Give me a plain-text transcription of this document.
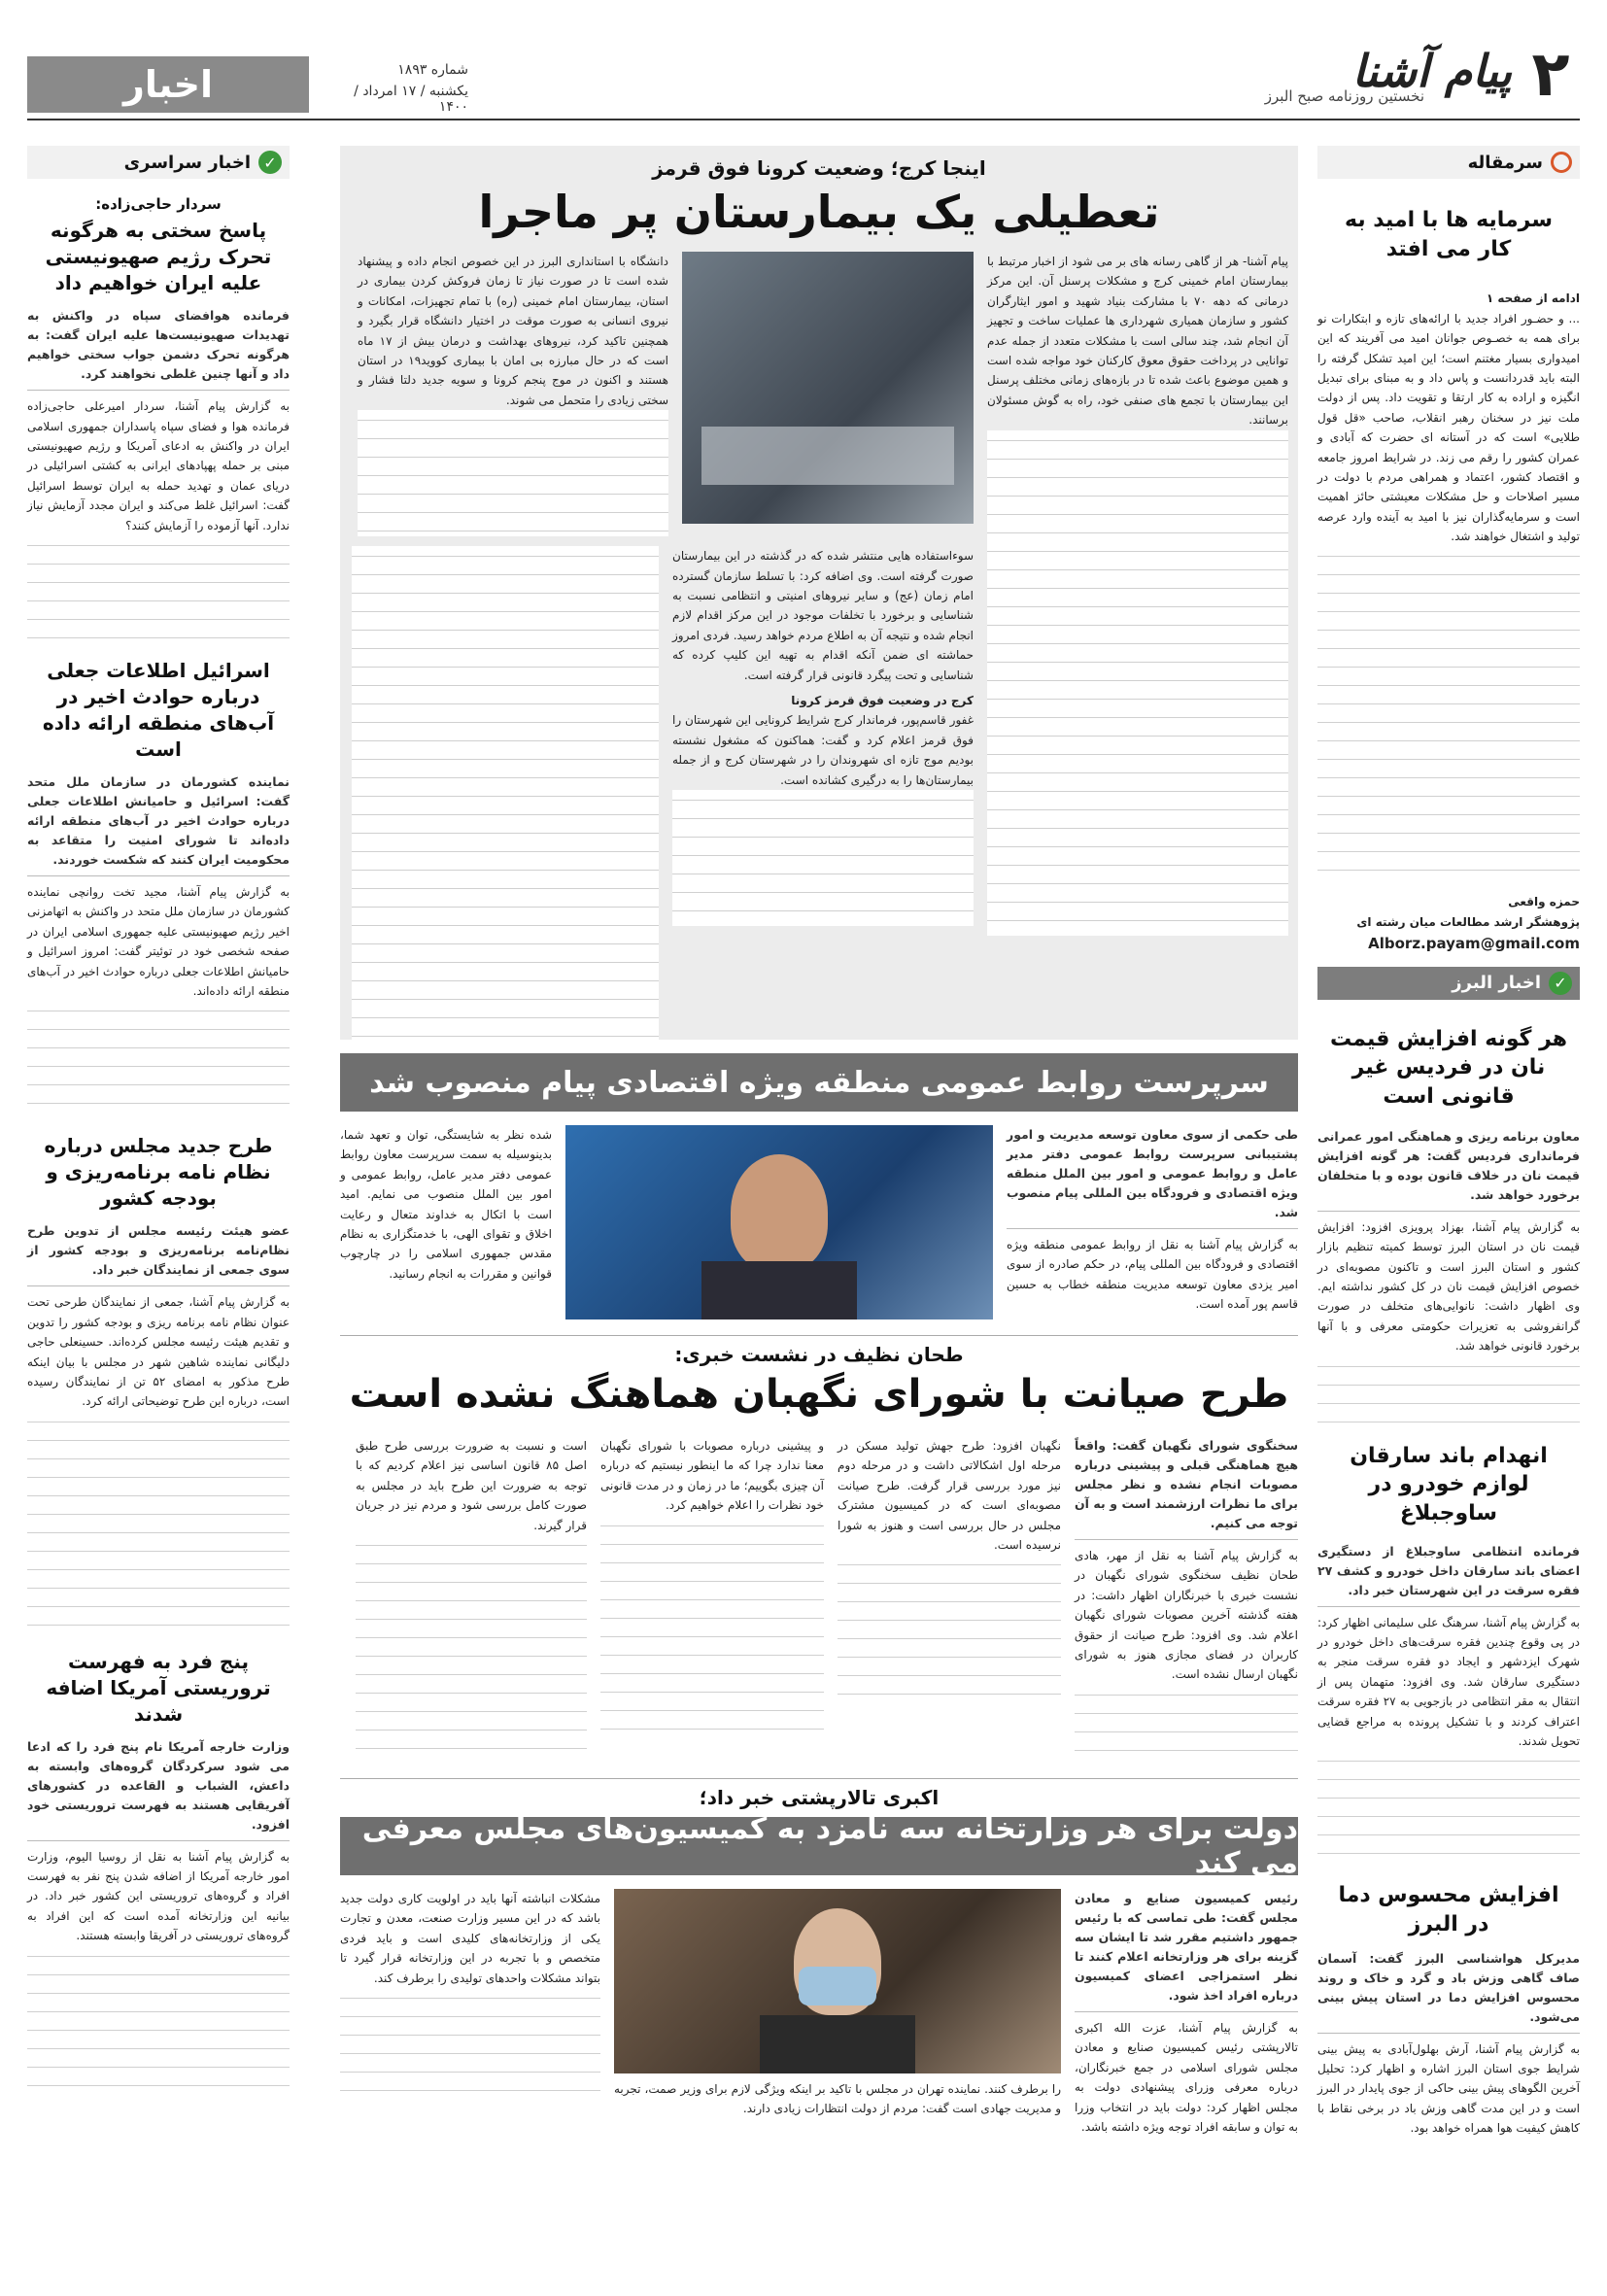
اخبار	شماره ۱۸۹۳
یکشنبه / ۱۷ امرداد / ۱۴۰۰
نخستین روزنامه صبح البرز
پیام آشنا ۲
سرمقاله
سرمایه ها با امید به کار می افتد
ادامه از صفحه ۱
... و حضـور افراد جدید با ارائه‌های تازه و ابتکارات نو برای همه به خصـوص جوانان امید می آفریند که این امیدواری بسیار مغتنم است؛ این امید تشکل گرفته را البته باید قدردانست و پاس داد و به مبنای برای تبدیل انگیزه و اراده به کار ارتقا و تقویت داد. پس از دولت ملت نیز در سخنان رهبر انقلاب، صاحب «قل قول طلایی» است که در آستانه ای حضرت که آبادی و عمران کشور را رقم می زند. در شرایط امروز جامعه و اقتصاد کشور، اعتماد و همراهی مردم با دولت در مسیر اصلاحات و حل مشکلات معیشتی حائز اهمیت است و سرمایه‌گذاران نیز با امید به آینده وارد عرصه تولید و اشتغال خواهند شد.
حمزه واقعی
پژوهشگر ارشد مطالعات میان رشته ای
Alborz.payam@gmail.com
✓
اخبار البرز
هر گونه افزایش قیمت نان در فردیس غیر قانونی است
معاون برنامه ریزی و هماهنگی امور عمرانی فرمانداری فردیس گفت: هر گونه افزایش قیمت نان در خلاف قانون بوده و با متخلفان برخورد خواهد شد.
به گزارش پیام آشنا، بهزاد پرویزی افزود: افزایش قیمت نان در استان البرز توسط کمیته تنظیم بازار کشور و استان البرز است و تاکنون مصوبه‌ای در خصوص افزایش قیمت نان در کل کشور نداشته ایم. وی اظهار داشت: نانوایی‌های متخلف در صورت گرانفروشی به تعزیرات حکومتی معرفی و با آنها برخورد قانونی خواهد شد.
انهدام باند سارقان لوازم خودرو در ساوجبلاغ
فرمانده انتظامی ساوجبلاغ از دستگیری اعضای باند سارقان داخل خودرو و کشف ۲۷ فقره سرقت در این شهرستان خبر داد.
به گزارش پیام آشنا، سرهنگ علی سلیمانی اظهار کرد: در پی وقوع چندین فقره سرقت‌های داخل خودرو در شهرک ایزدشهر و ایجاد دو فقره سرقت منجر به دستگیری سارقان شد. وی افزود: متهمان پس از انتقال به مقر انتظامی در بازجویی به ۲۷ فقره سرقت اعتراف کردند و با تشکیل پرونده به مراجع قضایی تحویل شدند.
افزایش محسوس دما در البرز
مدیرکل هواشناسی البرز گفت: آسمان صاف گاهی وزش باد و گرد و خاک و روند محسوس افزایش دما در استان پیش بینی می‌شود.
به گزارش پیام آشنا، آرش بهلول‌آبادی به پیش بینی شرایط جوی استان البرز اشاره و اظهار کرد: تحلیل آخرین الگوهای پیش بینی حاکی از جوی پایدار در البرز است و در این مدت گاهی وزش باد در برخی نقاط با کاهش کیفیت هوا همراه خواهد بود.
اینجا کرج؛ وضعیت کرونا فوق قرمز
تعطیلی یک بیمارستان پر ماجرا
پیام آشنا- هر از گاهی رسانه های بر می شود از اخبار مرتبط با بیمارستان امام خمینی کرج و مشکلات پرسنل آن. این مرکز درمانی که دهه ۷۰ با مشارکت بنیاد شهید و امور ایثارگران کشور و سازمان همیاری شهرداری ها عملیات ساخت و تجهیز آن انجام شد، چند سالی است با مشکلات متعدد از جمله عدم توانایی در پرداخت حقوق معوق کارکنان خود مواجه شده است و همین موضوع باعث شده تا در بازه‌های زمانی مختلف پرسنل این بیمارستان با تجمع های صنفی خود، راه به گوش مسئولان برسانند.
دانشگاه با استانداری البرز در این خصوص انجام داده و پیشنهاد شده است تا در صورت نیاز تا زمان فروکش کردن بیماری در استان، بیمارستان امام خمینی (ره) با تمام تجهیزات، امکانات و نیروی انسانی به صورت موقت در اختیار دانشگاه قرار بگیرد و همچنین تاکید کرد، نیروهای بهداشت و درمان بیش از ۱۷ ماه است که در حال مبارزه بی امان با بیماری کووید۱۹ در استان هستند و اکنون در موج پنجم کرونا و سویه جدید دلتا فشار و سختی زیادی را متحمل می شوند.
سوءاستفاده هایی منتشر شده که در گذشته در این بیمارستان صورت گرفته است. وی اضافه کرد: با تسلط سازمان گسترده امام زمان (عج) و سایر نیروهای امنیتی و انتظامی نسبت به شناسایی و برخورد با تخلفات موجود در این مرکز اقدام لازم انجام شده و نتیجه آن به اطلاع مردم خواهد رسید. فردی امروز حماشته ای ضمن آنکه اقدام به تهیه این کلیپ کرده که شناسایی و تحت پیگرد قانونی قرار گرفته است.
کرج در وضعیت فوق قرمز کرونا
غفور قاسم‌پور، فرماندار کرج شرایط کرونایی این شهرستان را فوق قرمز اعلام کرد و گفت: هماکنون که مشغول نشسته بودیم موج تازه ای شهروندان را در شهرستان کرج و از جمله بیمارستان‌ها را به درگیری کشانده است.
سرپرست روابط عمومی منطقه ویژه اقتصادی پیام منصوب شد
طی حکمی از سوی معاون توسعه مدیریت و امور پشتیبانی سرپرست روابط عمومی دفتر مدیر عامل و روابط عمومی و امور بین الملل منطقه ویژه اقتصادی و فرودگاه بین المللی پیام منصوب شد.
به گزارش پیام آشنا به نقل از روابط عمومی منطقه ویژه اقتصادی و فرودگاه بین المللی پیام، در حکم صادره از سوی امیر یزدی معاون توسعه مدیریت منطقه خطاب به حسین قاسم پور آمده است.
شده نظر به شایستگی، توان و تعهد شما، بدینوسیله به سمت سرپرست معاون روابط عمومی دفتر مدیر عامل، روابط عمومی و امور بین الملل منصوب می نمایم. امید است با اتکال به خداوند متعال و رعایت اخلاق و تقوای الهی، با خدمتگزاری به نظام مقدس جمهوری اسلامی را در چارچوب قوانین و مقررات به انجام رسانید.
طحان نظیف در نشست خبری:
طرح صیانت با شورای نگهبان هماهنگ نشده است
سخنگوی شورای نگهبان گفت: واقعاً هیچ هماهنگی قبلی و پیشینی درباره مصوبات انجام نشده و نظر مجلس برای ما نظرات ارزشمند است و به آن توجه می کنیم.
به گزارش پیام آشنا به نقل از مهر، هادی طحان نظیف سخنگوی شورای نگهبان در نشست خبری با خبرنگاران اظهار داشت: در هفته گذشته آخرین مصوبات شورای نگهبان اعلام شد. وی افزود: طرح صیانت از حقوق کاربران در فضای مجازی هنوز به شورای نگهبان ارسال نشده است.
نگهبان افزود: طرح جهش تولید مسکن در مرحله اول اشکالاتی داشت و در مرحله دوم نیز مورد بررسی قرار گرفت. طرح صیانت مصوبه‌ای است که در کمیسیون مشترک مجلس در حال بررسی است و هنوز به شورا نرسیده است.
و پیشینی درباره مصوبات با شورای نگهبان معنا ندارد چرا که ما اینطور نیستیم که درباره آن چیزی بگوییم؛ ما در زمان و در مدت قانونی خود نظرات را اعلام خواهیم کرد.
است و نسبت به ضرورت بررسی طرح طبق اصل ۸۵ قانون اساسی نیز اعلام کردیم که با توجه به ضرورت این طرح باید در مجلس به صورت کامل بررسی شود و مردم نیز در جریان قرار گیرند.
اکبری تالارپشتی خبر داد؛
دولت برای هر وزارتخانه سه نامزد به کمیسیون‌های مجلس معرفی می کند
رئیس کمیسیون صنایع و معادن مجلس گفت: طی تماسی که با رئیس جمهور داشتیم مقرر شد تا ایشان سه گزینه برای هر وزارتخانه اعلام کنند تا نظر استمزاجی اعضای کمیسیون درباره افراد اخذ شود.
به گزارش پیام آشنا، عزت الله اکبری تالارپشتی رئیس کمیسیون صنایع و معادن مجلس شورای اسلامی در جمع خبرنگاران، درباره معرفی وزرای پیشنهادی دولت به مجلس اظهار کرد: دولت باید در انتخاب وزرا به توان و سابقه افراد توجه ویژه داشته باشد.
را برطرف کنند. نماینده تهران در مجلس با تاکید بر اینکه ویژگی لازم برای وزیر صمت، تجربه و مدیریت جهادی است گفت: مردم از دولت انتظارات زیادی دارند.
مشکلات انباشته آنها باید در اولویت کاری دولت جدید باشد که در این مسیر وزارت صنعت، معدن و تجارت یکی از وزارتخانه‌های کلیدی است و باید فردی متخصص و با تجربه در این وزارتخانه قرار گیرد تا بتواند مشکلات واحدهای تولیدی را برطرف کند.
✓
اخبار سراسری
سردار حاجی‌زاده:
پاسخ سختی به هرگونه تحرک رژیم صهیونیستی علیه ایران خواهیم داد
فرمانده هوافضای سپاه در واکنش به تهدیدات صهیونیست‌ها علیه ایران گفت: به هرگونه تحرک دشمن جواب سختی خواهیم داد و آنها چنین غلطی نخواهند کرد.
به گزارش پیام آشنا، سردار امیرعلی حاجی‌زاده فرمانده هوا و فضای سپاه پاسداران جمهوری اسلامی ایران در واکنش به ادعای آمریکا و رژیم صهیونیستی مبنی بر حمله پهپادهای ایرانی به کشتی اسرائیلی در دریای عمان و تهدید حمله به ایران توسط اسرائیل گفت: اسرائیل غلط می‌کند و ایران مجدد آزمایش نیاز ندارد. آنها آزموده را آزمایش کنند؟
اسرائیل اطلاعات جعلی درباره حوادث اخیر در آب‌های منطقه ارائه داده است
نماینده کشورمان در سازمان ملل متحد گفت: اسرائیل و حامیانش اطلاعات جعلی درباره حوادث اخیر در آب‌های منطقه ارائه داده‌اند تا شورای امنیت را متقاعد به محکومیت ایران کنند که شکست خوردند.
به گزارش پیام آشنا، مجید تخت روانچی نماینده کشورمان در سازمان ملل متحد در واکنش به اتهامزنی اخیر رژیم صهیونیستی علیه جمهوری اسلامی ایران در صفحه شخصی خود در توئیتر گفت: امروز اسرائیل و حامیانش اطلاعات جعلی درباره حوادث اخیر در آب‌های منطقه ارائه داده‌اند.
طرح جدید مجلس درباره نظام نامه برنامه‌ریزی و بودجه کشور
عضو هیئت رئیسه مجلس از تدوین طرح نظام‌نامه برنامه‌ریزی و بودجه کشور از سوی جمعی از نمایندگان خبر داد.
به گزارش پیام آشنا، جمعی از نمایندگان طرحی تحت عنوان نظام نامه برنامه ریزی و بودجه کشور را تدوین و تقدیم هیئت رئیسه مجلس کرده‌اند. حسینعلی حاجی دلیگانی نماینده شاهین شهر در مجلس با بیان اینکه طرح مذکور به امضای ۵۲ تن از نمایندگان رسیده است، درباره این طرح توضیحاتی ارائه کرد.
پنج فرد به فهرست تروریستی آمریکا اضافه شدند
وزارت خارجه آمریکا نام پنج فرد را که ادعا می شود سرکردگان گروه‌های وابسته به داعش، الشباب و القاعده در کشورهای آفریقایی هستند به فهرست تروریستی خود افزود.
به گزارش پیام آشنا به نقل از روسیا الیوم، وزارت امور خارجه آمریکا از اضافه شدن پنج نفر به فهرست افراد و گروه‌های تروریستی این کشور خبر داد. در بیانیه این وزارتخانه آمده است که این افراد به گروه‌های تروریستی در آفریقا وابسته هستند.
